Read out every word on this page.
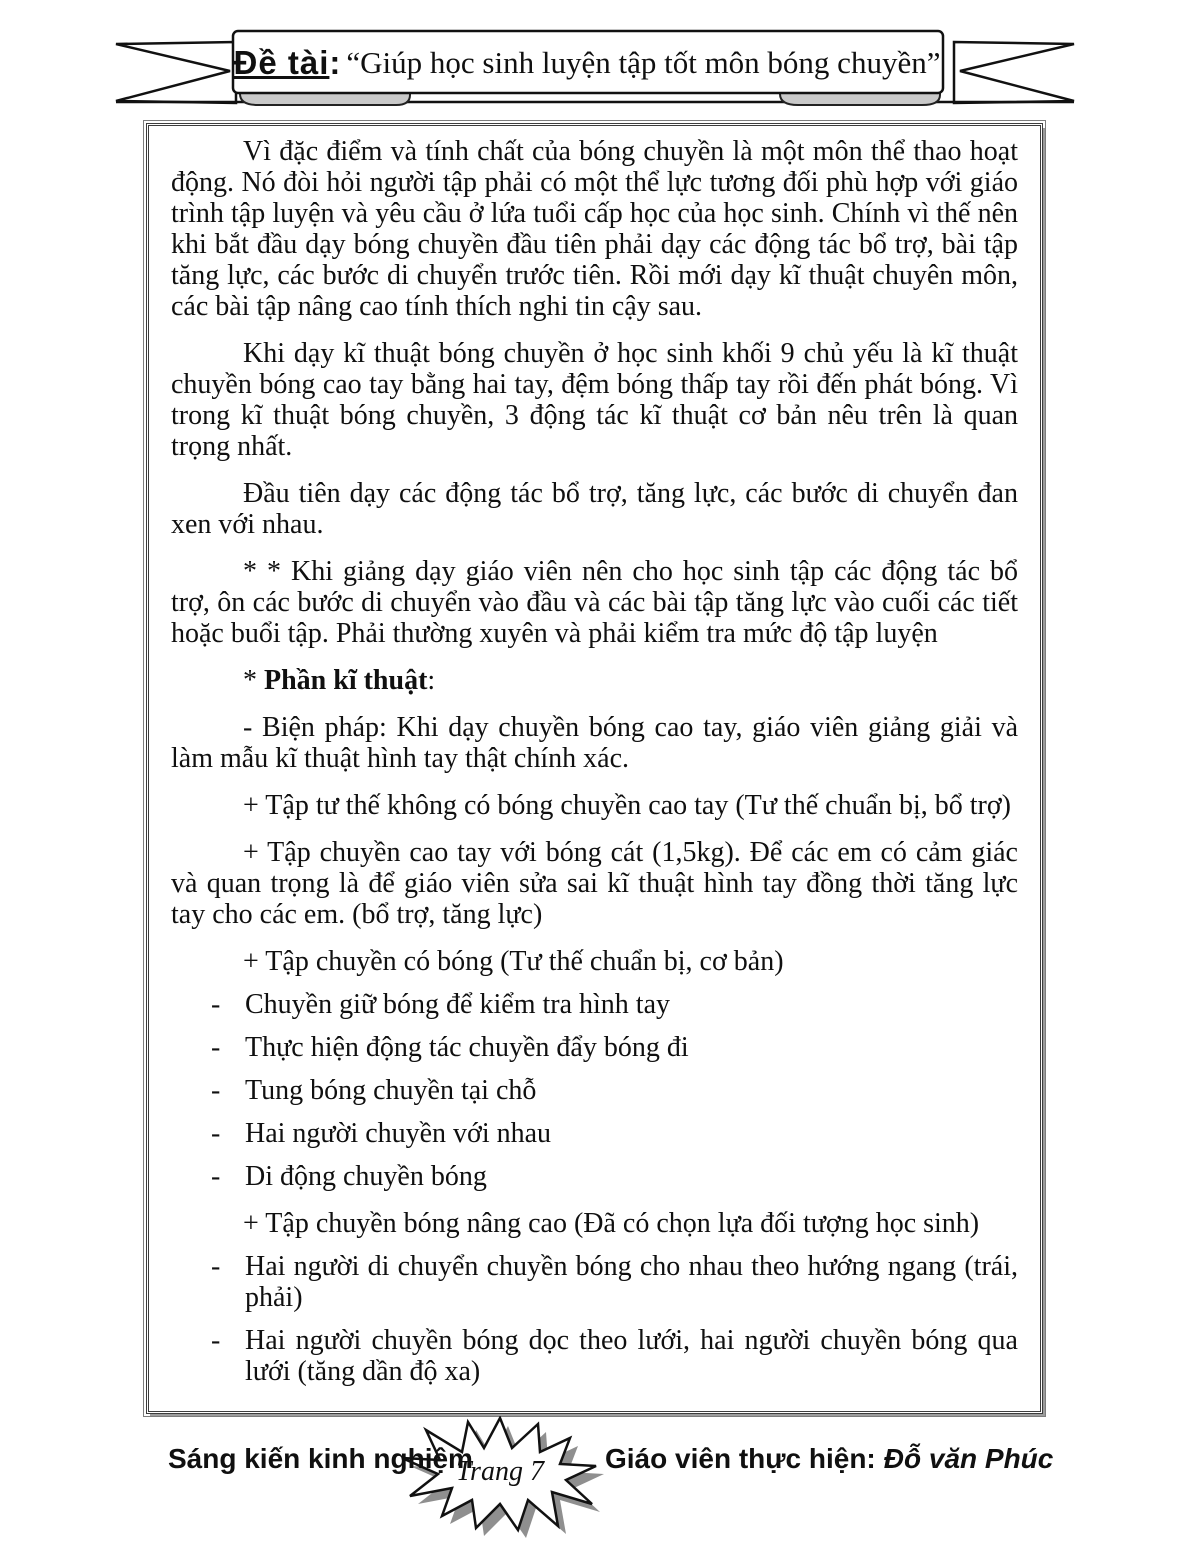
Đề tài : “Giúp học sinh luyện tập tốt môn bóng chuyền”

Vì đặc điểm và tính chất của bóng chuyền là một môn thể thao hoạt động. Nó đòi hỏi người tập phải có một thể lực tương đối phù hợp với giáo trình tập luyện và yêu cầu ở lứa tuổi cấp học của học sinh. Chính vì thế nên khi bắt đầu dạy bóng chuyền đầu tiên phải dạy các động tác bổ trợ, bài tập tăng lực, các bước di chuyển trước tiên. Rồi mới dạy kĩ thuật chuyên môn, các bài tập nâng cao tính thích nghi tin cậy sau.

Khi dạy kĩ thuật bóng chuyền ở học sinh khối 9 chủ yếu là kĩ thuật chuyền bóng cao tay bằng hai tay, đệm bóng thấp tay rồi đến phát bóng. Vì trong kĩ thuật bóng chuyền, 3 động tác kĩ thuật cơ bản nêu trên là quan trọng nhất.

Đầu tiên dạy các động tác bổ trợ, tăng lực, các bước di chuyển đan xen với nhau.

* * Khi giảng dạy giáo viên nên cho học sinh tập các động tác bổ trợ, ôn các bước di chuyển vào đầu và các bài tập tăng lực vào cuối các tiết hoặc buổi tập. Phải thường xuyên và phải kiểm tra mức độ tập luyện

* Phần kĩ thuật:

- Biện pháp: Khi dạy chuyền bóng cao tay, giáo viên giảng giải và làm mẫu kĩ thuật hình tay thật chính xác.

+ Tập tư thế không có bóng chuyền cao tay (Tư thế chuẩn bị, bổ trợ)

+ Tập chuyền cao tay với bóng cát (1,5kg). Để các em có cảm giác và quan trọng là để giáo viên sửa sai kĩ thuật hình tay đồng thời tăng lực tay cho các em. (bổ trợ, tăng lực)

+ Tập chuyền có bóng (Tư thế chuẩn bị, cơ bản)

- Chuyền giữ bóng để kiểm tra hình tay
- Thực hiện động tác chuyền đẩy bóng đi
- Tung bóng chuyền tại chỗ
- Hai người chuyền với nhau
- Di động chuyền bóng

+ Tập chuyền bóng nâng cao (Đã có chọn lựa đối tượng học sinh)

- Hai người di chuyển chuyền bóng cho nhau theo hướng ngang (trái, phải)
- Hai người chuyền bóng dọc theo lưới, hai người chuyền bóng qua lưới (tăng dần độ xa)
Trang 7
Sáng kiến kinh nghiệm	Giáo viên thực hiện: Đỗ văn Phúc
